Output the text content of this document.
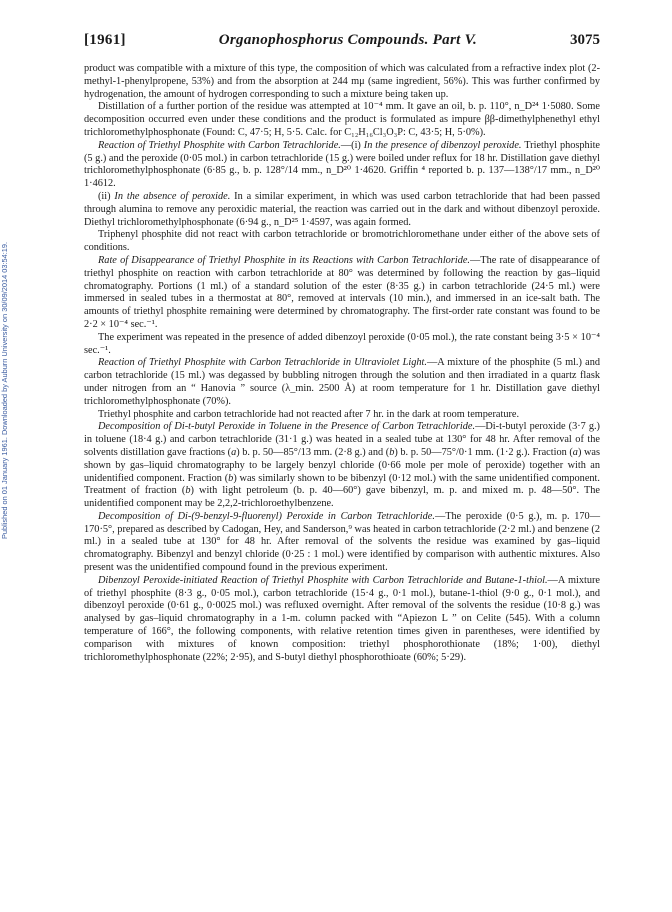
Published on 01 January 1961. Downloaded by Auburn University on 30/09/2014 03:54:19.
[1961]	Organophosphorus Compounds. Part V.	3075

product was compatible with a mixture of this type, the composition of which was calculated from a refractive index plot (2-methyl-1-phenylpropene, 53%) and from the absorption at 244 mμ (same ingredient, 56%). This was further confirmed by hydrogenation, the amount of hydrogen corresponding to such a mixture being taken up.

Distillation of a further portion of the residue was attempted at 10⁻⁴ mm. It gave an oil, b. p. 110°, n_D²⁴ 1·5080. Some decomposition occurred even under these conditions and the product is formulated as impure ββ-dimethylphenethyl ethyl trichloromethylphosphonate (Found: C, 47·5; H, 5·5. Calc. for C₁₂H₁₆Cl₃O₃P: C, 43·5; H, 5·0%).

Reaction of Triethyl Phosphite with Carbon Tetrachloride.—(i) In the presence of dibenzoyl peroxide. Triethyl phosphite (5 g.) and the peroxide (0·05 mol.) in carbon tetrachloride (15 g.) were boiled under reflux for 18 hr. Distillation gave diethyl trichloromethylphosphonate (6·85 g., b. p. 128°/14 mm., n_D²⁰ 1·4620. Griffin ⁴ reported b. p. 137—138°/17 mm., n_D²⁰ 1·4612.

(ii) In the absence of peroxide. In a similar experiment, in which was used carbon tetrachloride that had been passed through alumina to remove any peroxidic material, the reaction was carried out in the dark and without dibenzoyl peroxide. Diethyl trichloromethylphosphonate (6·94 g., n_D²⁵ 1·4597, was again formed.

Triphenyl phosphite did not react with carbon tetrachloride or bromotrichloromethane under either of the above sets of conditions.

Rate of Disappearance of Triethyl Phosphite in its Reactions with Carbon Tetrachloride.—The rate of disappearance of triethyl phosphite on reaction with carbon tetrachloride at 80° was determined by following the reaction by gas–liquid chromatography. Portions (1 ml.) of a standard solution of the ester (8·35 g.) in carbon tetrachloride (24·5 ml.) were immersed in sealed tubes in a thermostat at 80°, removed at intervals (10 min.), and immersed in an ice-salt bath. The amounts of triethyl phosphite remaining were determined by chromatography. The first-order rate constant was found to be 2·2 × 10⁻⁴ sec.⁻¹.

The experiment was repeated in the presence of added dibenzoyl peroxide (0·05 mol.), the rate constant being 3·5 × 10⁻⁴ sec.⁻¹.

Reaction of Triethyl Phosphite with Carbon Tetrachloride in Ultraviolet Light.—A mixture of the phosphite (5 ml.) and carbon tetrachloride (15 ml.) was degassed by bubbling nitrogen through the solution and then irradiated in a quartz flask under nitrogen from an “ Hanovia ” source (λ_min. 2500 Å) at room temperature for 1 hr. Distillation gave diethyl trichloromethylphosphonate (70%).

Triethyl phosphite and carbon tetrachloride had not reacted after 7 hr. in the dark at room temperature.

Decomposition of Di-t-butyl Peroxide in Toluene in the Presence of Carbon Tetrachloride.—Di-t-butyl peroxide (3·7 g.) in toluene (18·4 g.) and carbon tetrachloride (31·1 g.) was heated in a sealed tube at 130° for 48 hr. After removal of the solvents distillation gave fractions (a) b. p. 50—85°/13 mm. (2·8 g.) and (b) b. p. 50—75°/0·1 mm. (1·2 g.). Fraction (a) was shown by gas–liquid chromatography to be largely benzyl chloride (0·66 mole per mole of peroxide) together with an unidentified component. Fraction (b) was similarly shown to be bibenzyl (0·12 mol.) with the same unidentified component. Treatment of fraction (b) with light petroleum (b. p. 40—60°) gave bibenzyl, m. p. and mixed m. p. 48—50°. The unidentified component may be 2,2,2-trichloroethylbenzene.

Decomposition of Di-(9-benzyl-9-fluorenyl) Peroxide in Carbon Tetrachloride.—The peroxide (0·5 g.), m. p. 170—170·5°, prepared as described by Cadogan, Hey, and Sanderson,⁹ was heated in carbon tetrachloride (2·2 ml.) and benzene (2 ml.) in a sealed tube at 130° for 48 hr. After removal of the solvents the residue was examined by gas–liquid chromatography. Bibenzyl and benzyl chloride (0·25 : 1 mol.) were identified by comparison with authentic mixtures. Also present was the unidentified compound found in the previous experiment.

Dibenzoyl Peroxide-initiated Reaction of Triethyl Phosphite with Carbon Tetrachloride and Butane-1-thiol.—A mixture of triethyl phosphite (8·3 g., 0·05 mol.), carbon tetrachloride (15·4 g., 0·1 mol.), butane-1-thiol (9·0 g., 0·1 mol.), and dibenzoyl peroxide (0·61 g., 0·0025 mol.) was refluxed overnight. After removal of the solvents the residue (10·8 g.) was analysed by gas–liquid chromatography in a 1-m. column packed with “Apiezon L ” on Celite (545). With a column temperature of 166°, the following components, with relative retention times given in parentheses, were identified by comparison with mixtures of known composition: triethyl phosphorothionate (18%; 1·00), diethyl trichloromethylphosphonate (22%; 2·95), and S-butyl diethyl phosphorothioate (60%; 5·29).
